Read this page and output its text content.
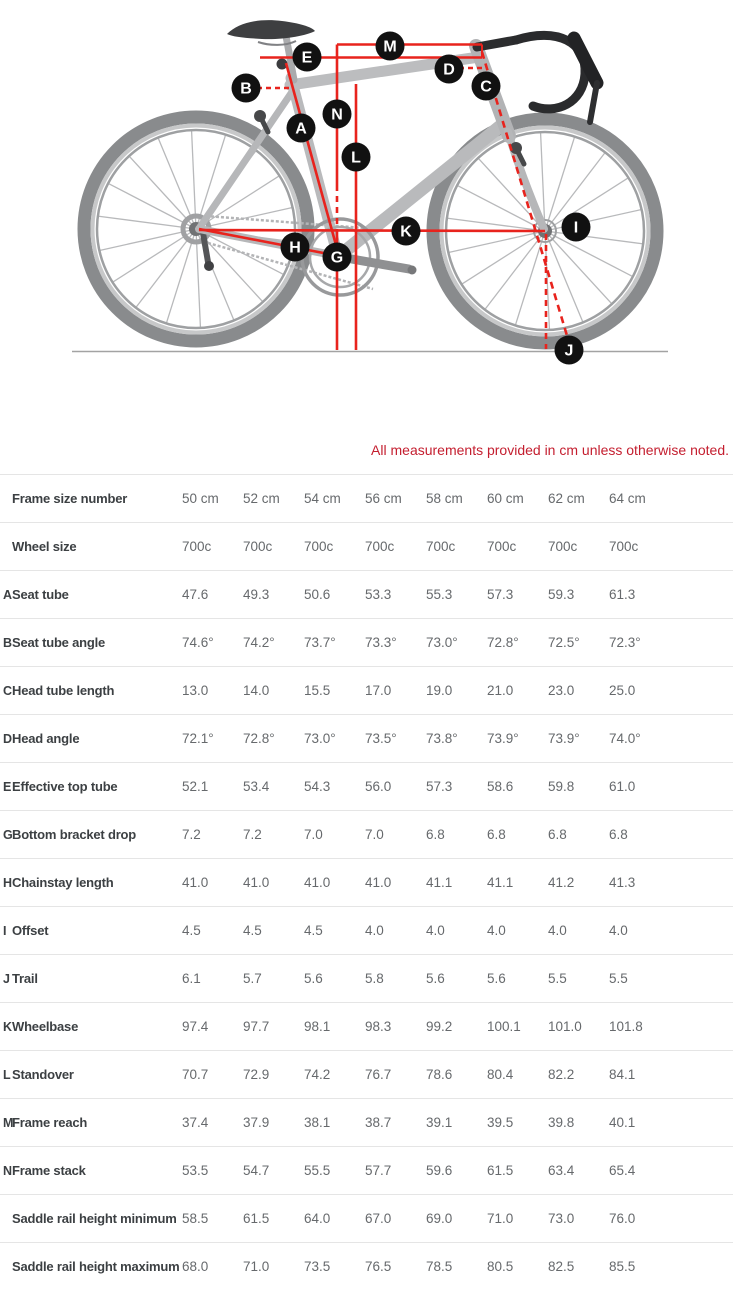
A
B	C
D
E
G
H
I
J
K
L
M
N
All measurements provided in cm unless otherwise noted.
Frame size number	50 cm	52 cm	54 cm	56 cm	58 cm	60 cm	62 cm	64 cm
Wheel size	700c	700c	700c	700c	700c	700c	700c	700c
A Seat tube	47.6	49.3	50.6	53.3	55.3	57.3	59.3	61.3
B Seat tube angle	74.6°	74.2°	73.7°	73.3°	73.0°	72.8°	72.5°	72.3°
C Head tube length	13.0	14.0	15.5	17.0	19.0	21.0	23.0	25.0
D Head angle	72.1°	72.8°	73.0°	73.5°	73.8°	73.9°	73.9°	74.0°
E Effective top tube	52.1	53.4	54.3	56.0	57.3	58.6	59.8	61.0
G Bottom bracket drop	7.2	7.2	7.0	7.0	6.8	6.8	6.8	6.8
H Chainstay length	41.0	41.0	41.0	41.0	41.1	41.1	41.2	41.3
I Offset	4.5	4.5	4.5	4.0	4.0	4.0	4.0	4.0
J Trail	6.1	5.7	5.6	5.8	5.6	5.6	5.5	5.5
K Wheelbase	97.4	97.7	98.1	98.3	99.2	100.1	101.0	101.8
L Standover	70.7	72.9	74.2	76.7	78.6	80.4	82.2	84.1
M
Frame reach	37.4	37.9	38.1	38.7	39.1	39.5	39.8	40.1
N Frame stack	53.5	54.7	55.5	57.7	59.6	61.5	63.4	65.4
Saddle rail height minimum 58.5	61.5	64.0	67.0	69.0	71.0	73.0	76.0
Saddle rail height maximum 68.0	71.0	73.5	76.5	78.5	80.5	82.5	85.5
